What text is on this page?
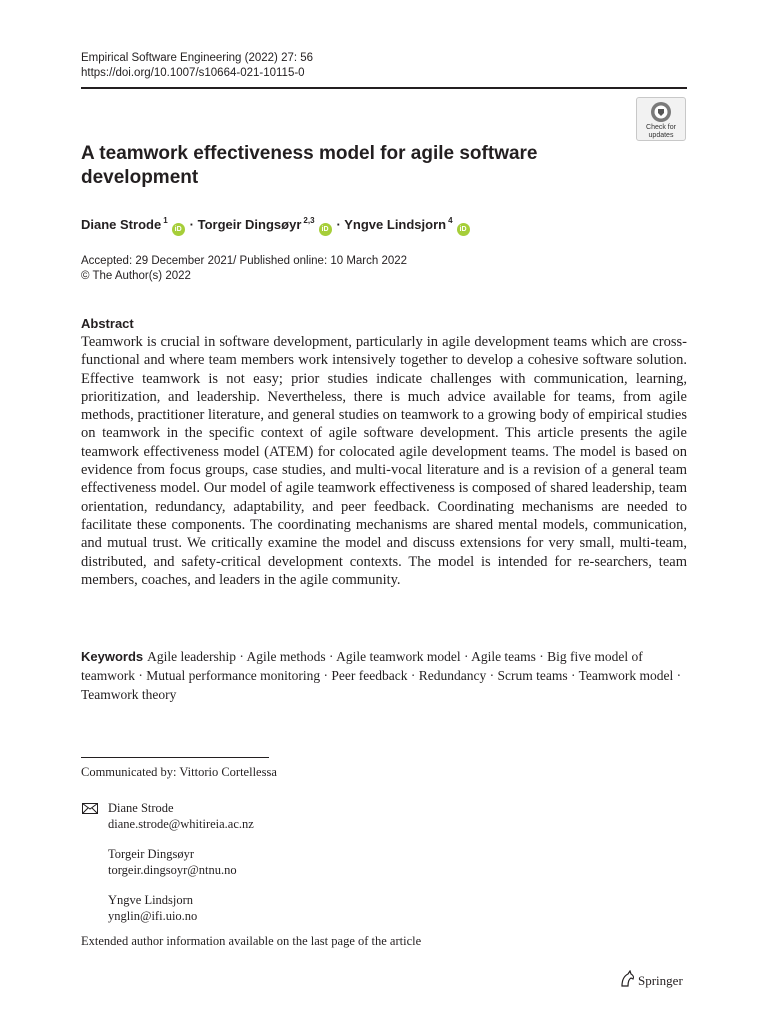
Empirical Software Engineering (2022) 27: 56
https://doi.org/10.1007/s10664-021-10115-0
Check for
updates
A teamwork effectiveness model for agile software development
Diane Strode $^1$iD · Torgeir Dingsøyr $^{2,3}$iD · Yngve Lindsjorn $^4$iD
Accepted: 29 December 2021/ Published online: 10 March 2022
© The Author(s) 2022
Abstract

Teamwork is crucial in software development, particularly in agile development teams which are cross-functional and where team members work intensively together to develop a cohesive software solution. Effective teamwork is not easy; prior studies indicate challenges with communication, learning, prioritization, and leadership. Nevertheless, there is much advice available for teams, from agile methods, practitioner literature, and general studies on teamwork to a growing body of empirical studies on teamwork in the specific context of agile software development. This article presents the agile teamwork effectiveness model (ATEM) for colocated agile development teams. The model is based on evidence from focus groups, case studies, and multi-vocal literature and is a revision of a general team effectiveness model. Our model of agile teamwork effectiveness is composed of shared leadership, team orientation, redundancy, adaptability, and peer feedback. Coordinating mechanisms are needed to facilitate these components. The coordinating mechanisms are shared mental models, communication, and mutual trust. We critically examine the model and discuss extensions for very small, multi-team, distributed, and safety-critical development contexts. The model is intended for re-searchers, team members, coaches, and leaders in the agile community.

Keywords Agile leadership · Agile methods · Agile teamwork model · Agile teams · Big five model of teamwork · Mutual performance monitoring · Peer feedback · Redundancy · Scrum teams · Teamwork model · Teamwork theory

Communicated by: Vittorio Cortellessa
Diane Strode
diane.strode@whitireia.ac.nz
Torgeir Dingsøyr
torgeir.dingsoyr@ntnu.no
Yngve Lindsjorn
ynglin@ifi.uio.no
Extended author information available on the last page of the article
Springer
